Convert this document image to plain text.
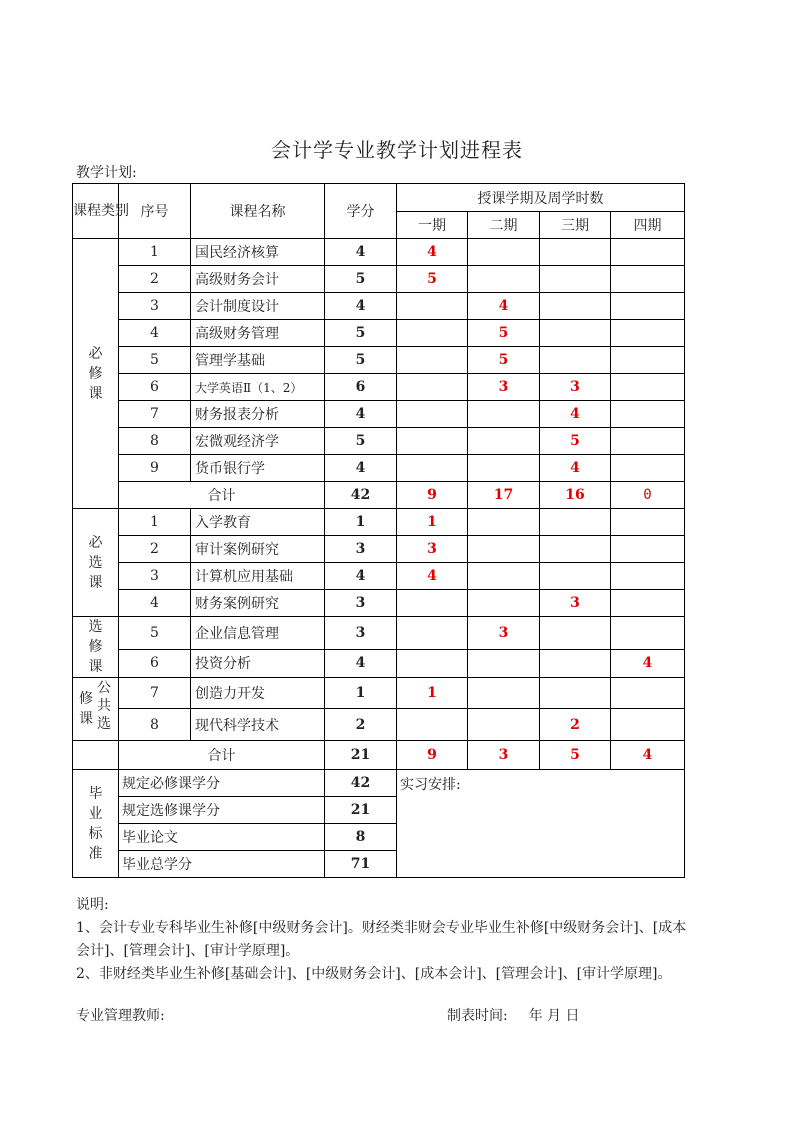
会计学专业教学计划进程表
教学计划:
课程类别	序号	课程名称	学分	授课学期及周学时数			
				一期	二期	三期	四期
必修课	1	国民经济核算	4	4			
	2	高级财务会计	5	5			
	3	会计制度设计	4		4		
	4	高级财务管理	5		5		
	5	管理学基础	5		5		
	6	大学英语Ⅱ（1、2）	6		3	3	
	7	财务报表分析	4			4	
	8	宏微观经济学	5			5	
	9	货币银行学	4			4	
	合计		42	9	17	16	0
必选课	1	入学教育	1	1			
	2	审计案例研究	3	3			
	3	计算机应用基础	4	4			
	4	财务案例研究	3			3	
选修课	5	企业信息管理	3		3		
	6	投资分析	4				4

修课
公共选	7	创造力开发	1	1			
	8	现代科学技术	2			2	
	合计		21	9	3	5	4
毕业标准	规定必修课学分		42	实习安排:			
	规定选修课学分		21				
	毕业论文		8				
	毕业总学分		71				

说明:

1、会计专业专科毕业生补修[中级财务会计]。财经类非财会专业毕业生补修[中级财务会计]、[成本会计]、[管理会计]、[审计学原理]。

2、非财经类毕业生补修[基础会计]、[中级财务会计]、[成本会计]、[管理会计]、[审计学原理]。

专业管理教师:	制表时间: 年 月 日
